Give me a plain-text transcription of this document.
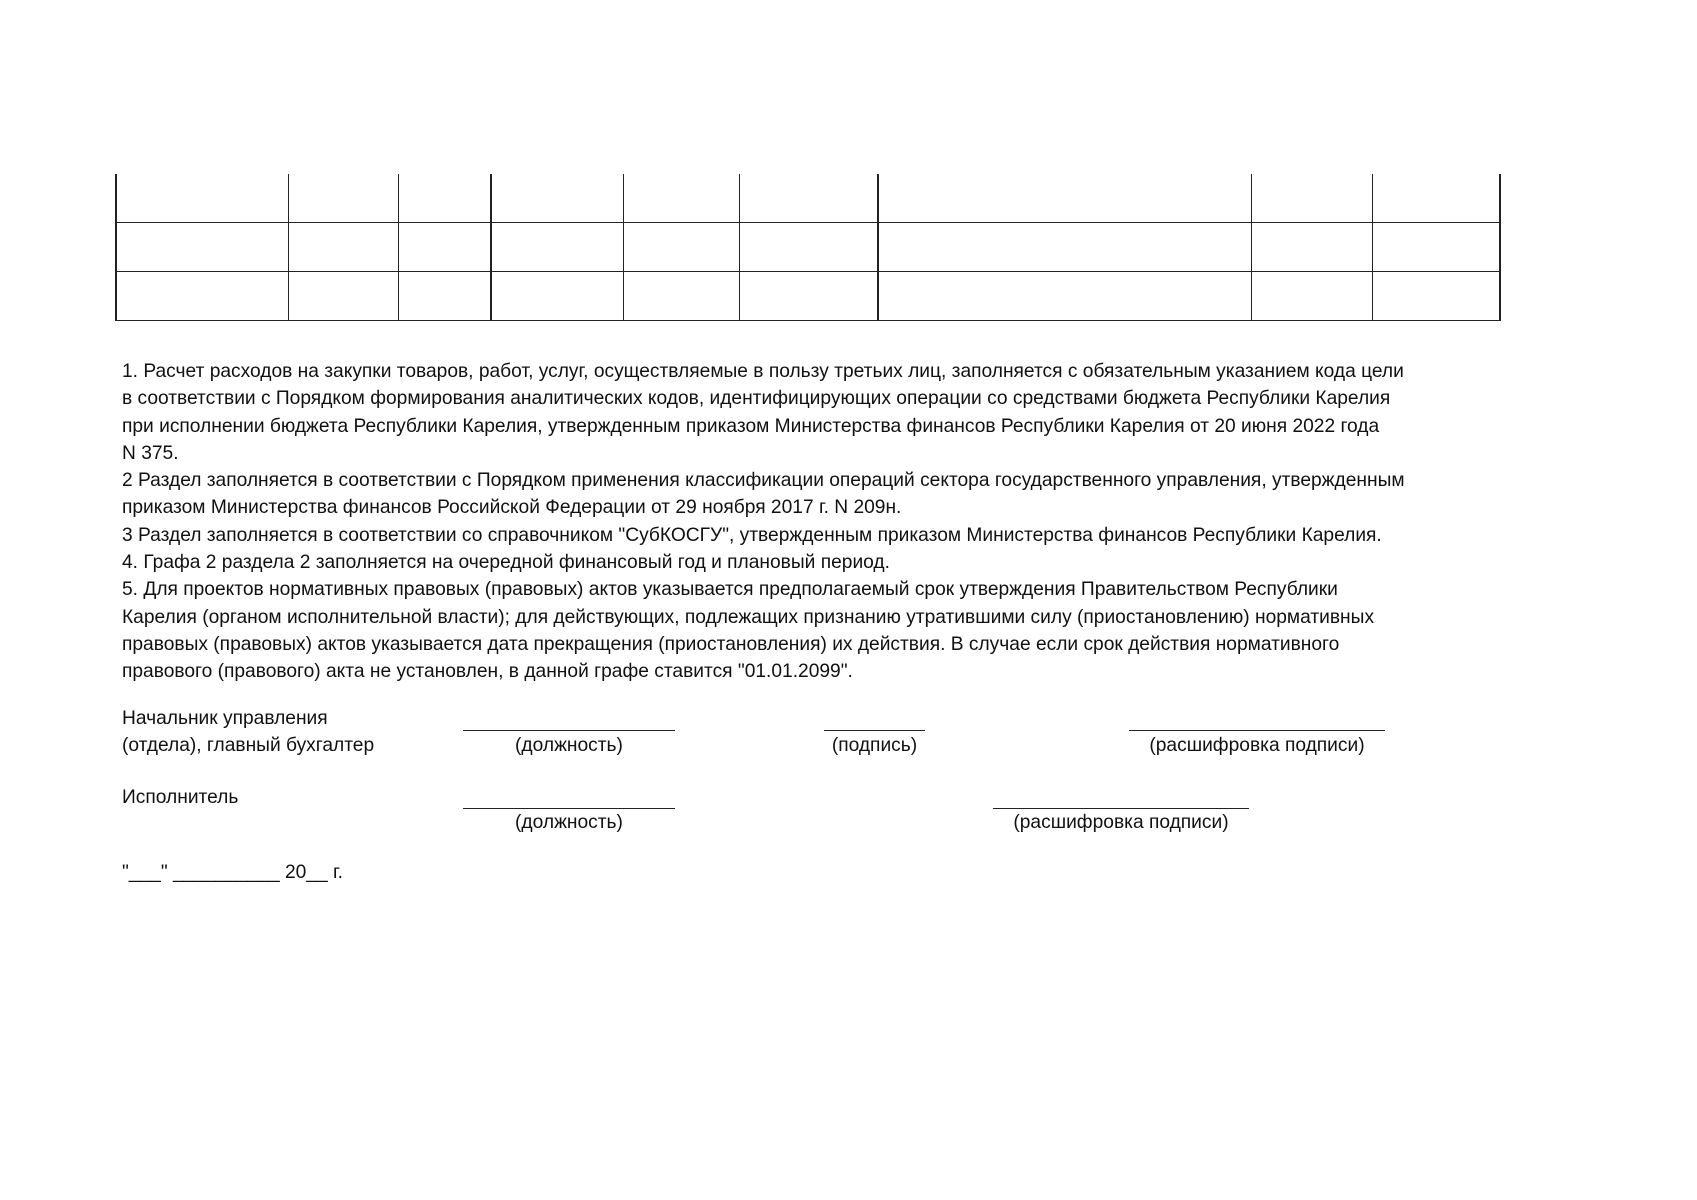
1. Расчет расходов на закупки товаров, работ, услуг, осуществляемые в пользу третьих лиц, заполняется с обязательным указанием кода цели
в соответствии с Порядком формирования аналитических кодов, идентифицирующих операции со средствами бюджета Республики Карелия
при исполнении бюджета Республики Карелия, утвержденным приказом Министерства финансов Республики Карелия от 20 июня 2022 года
N 375.
2 Раздел заполняется в соответствии с Порядком применения классификации операций сектора государственного управления, утвержденным
приказом Министерства финансов Российской Федерации от 29 ноября 2017 г. N 209н.
3 Раздел заполняется в соответствии со справочником "СубКОСГУ", утвержденным приказом Министерства финансов Республики Карелия.
4. Графа 2 раздела 2 заполняется на очередной финансовый год и плановый период.
5. Для проектов нормативных правовых (правовых) актов указывается предполагаемый срок утверждения Правительством Республики
Карелия (органом исполнительной власти); для действующих, подлежащих признанию утратившими силу (приостановлению) нормативных
правовых (правовых) актов указывается дата прекращения (приостановления) их действия. В случае если срок действия нормативного
правового (правового) акта не установлен, в данной графе ставится "01.01.2099".
Начальник управления
(отдела), главный бухгалтер	(должность)	(подпись)	(расшифровка подписи)
Исполнитель
(должность)	(расшифровка подписи)
"___" __________ 20__ г.
